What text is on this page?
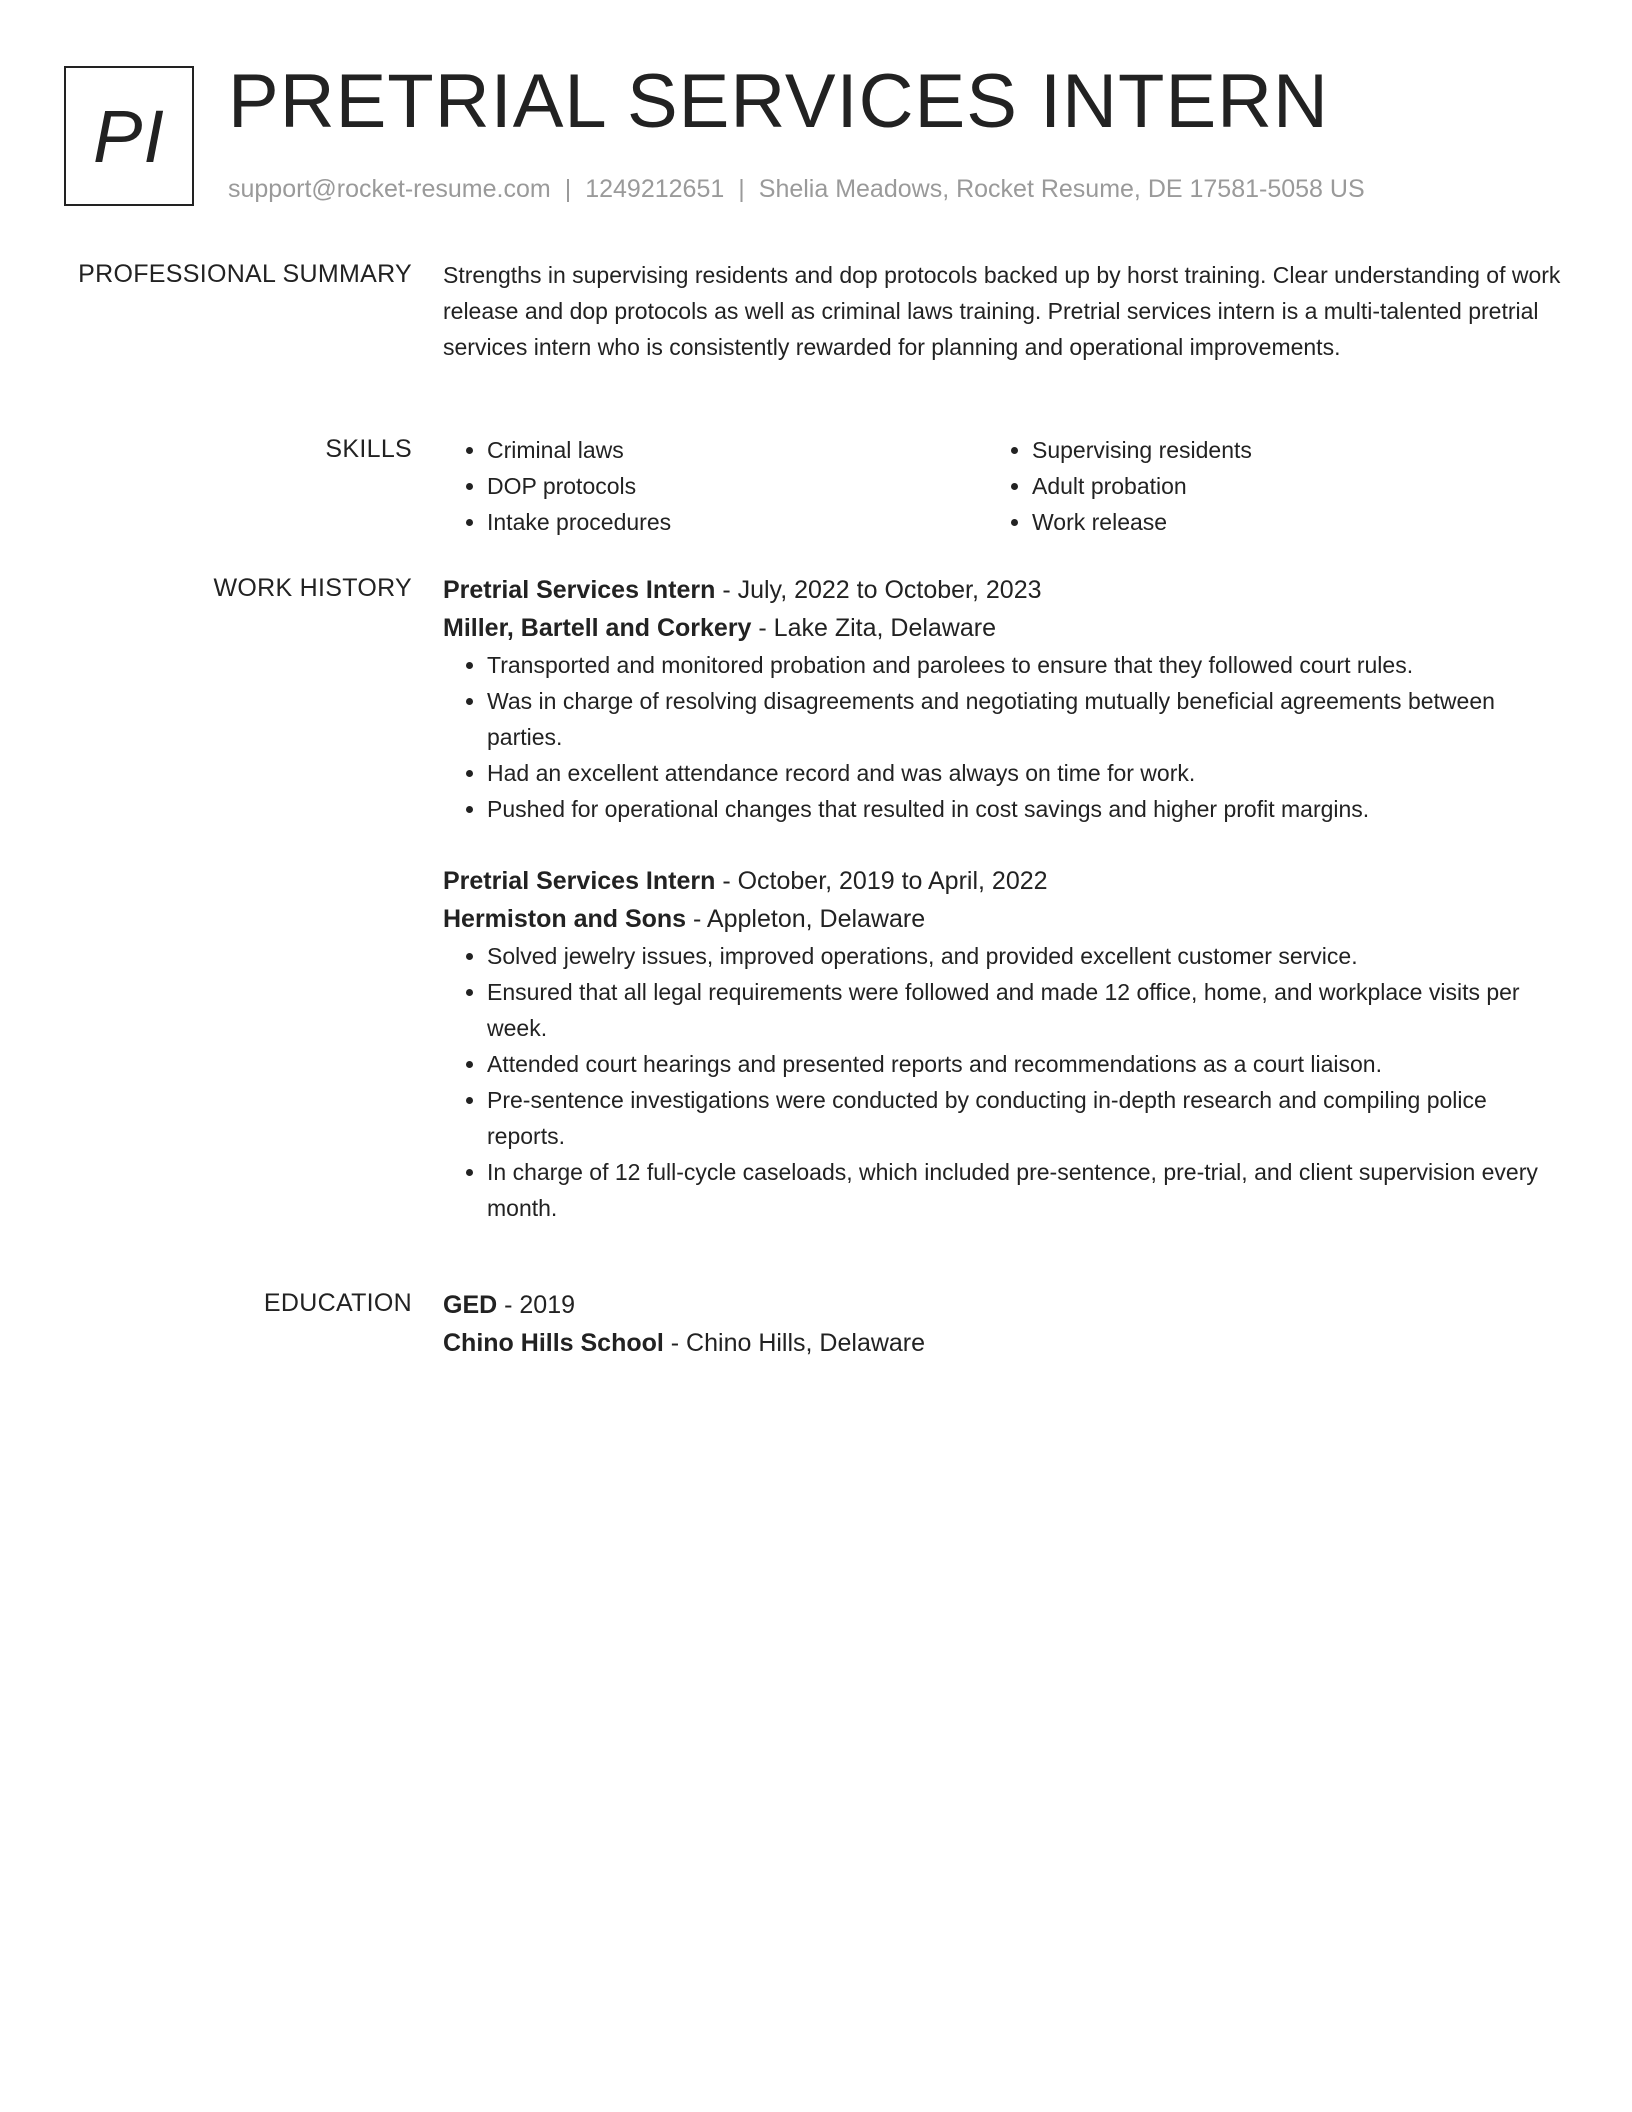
PI PRETRIAL SERVICES INTERN
support@rocket-resume.com | 1249212651 | Shelia Meadows, Rocket Resume, DE 17581-5058 US
PROFESSIONAL SUMMARY Strengths in supervising residents and dop protocols backed up by horst training. Clear understanding of work release and dop protocols as well as criminal laws training. Pretrial services intern is a multi-talented pretrial services intern who is consistently rewarded for planning and operational improvements.

SKILLS
•	Criminal laws
• DOP protocols
• Intake procedures
• Supervising residents
• Adult probation
• Work release
WORK HISTORY Pretrial Services Intern - July, 2022 to October, 2023
Miller, Bartell and Corkery - Lake Zita, Delaware
• Transported and monitored probation and parolees to ensure that they followed court rules.
• Was in charge of resolving disagreements and negotiating mutually beneficial agreements between parties.
• Had an excellent attendance record and was always on time for work.
• Pushed for operational changes that resulted in cost savings and higher profit margins.
Pretrial Services Intern - October, 2019 to April, 2022
Hermiston and Sons - Appleton, Delaware
• Solved jewelry issues, improved operations, and provided excellent customer service.
• Ensured that all legal requirements were followed and made 12 office, home, and workplace visits per week.
• Attended court hearings and presented reports and recommendations as a court liaison.
• Pre-sentence investigations were conducted by conducting in-depth research and compiling police reports.
• In charge of 12 full-cycle caseloads, which included pre-sentence, pre-trial, and client supervision every month.
EDUCATION GED - 2019
Chino Hills School - Chino Hills, Delaware
